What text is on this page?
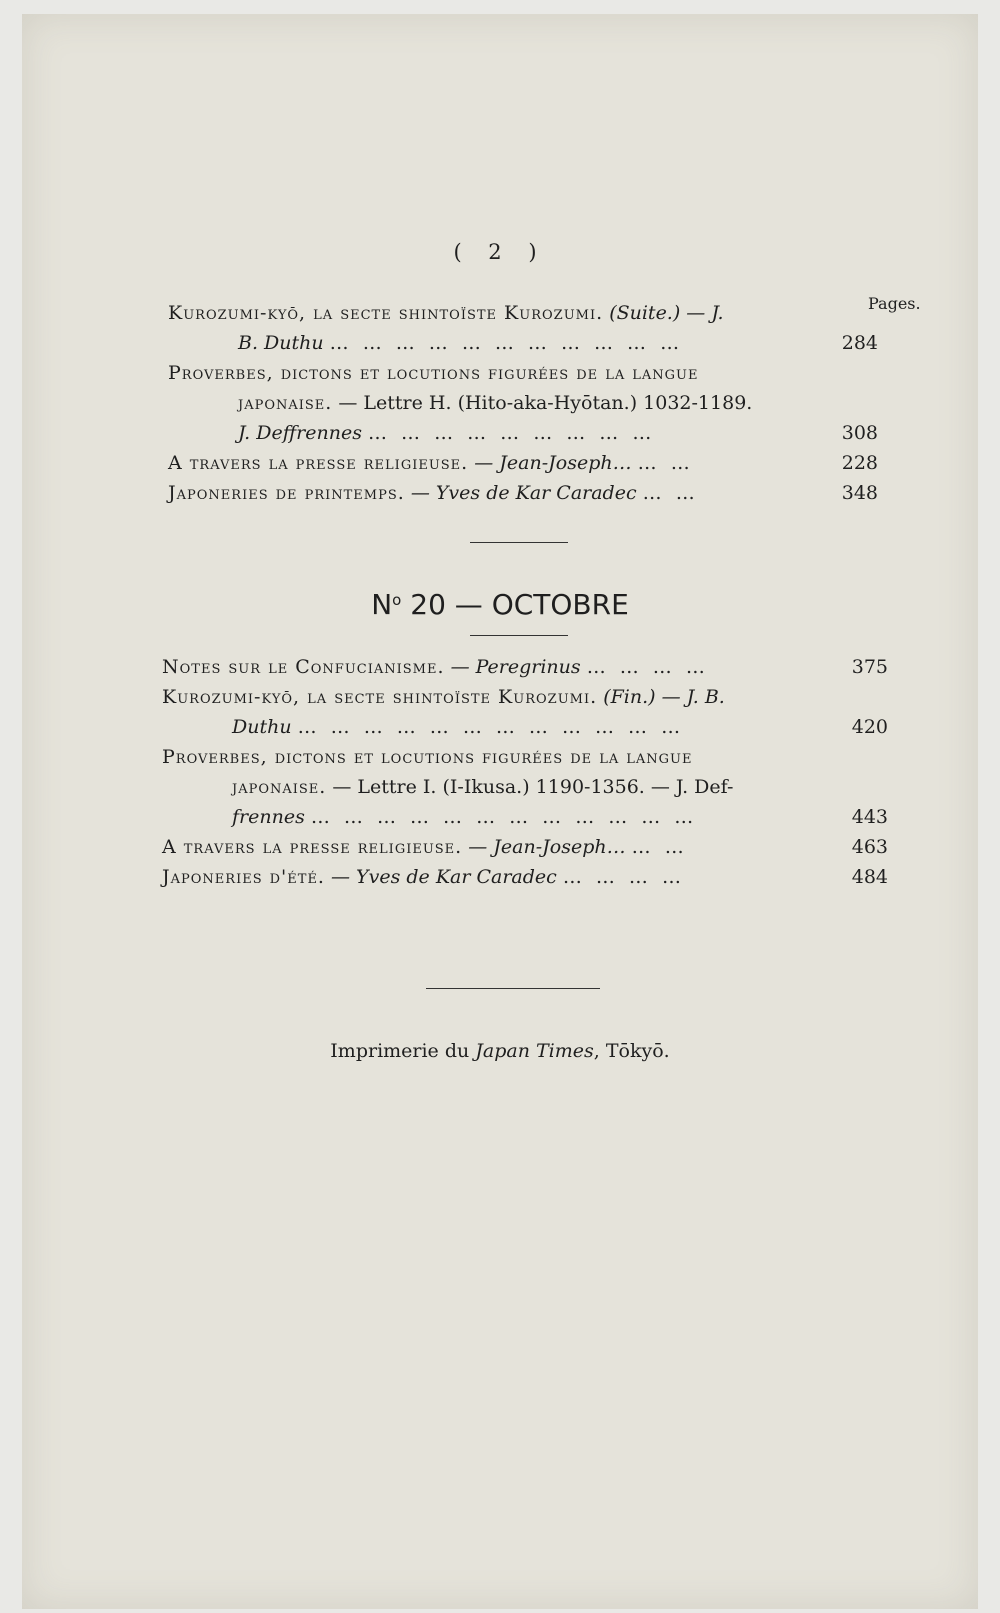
( 2 )
Pages.
Kurozumi-kyō, la secte shintoïste Kurozumi. (Suite.) — J.
B. Duthu … … … … … … … … … … …	284
Proverbes, dictons et locutions figurées de la langue
japonaise. — Lettre H. (Hito-aka-Hyōtan.) 1032-1189.
J. Deffrennes … … … … … … … … …	308
A travers la presse religieuse. — Jean-Joseph… … …	228
Japoneries de printemps. — Yves de Kar Caradec … …	348
$N^o$ 20 — OCTOBRE
Notes sur le Confucianisme. — Peregrinus … … … …	375
Kurozumi-kyō, la secte shintoïste Kurozumi. (Fin.) — J. B.
Duthu … … … … … … … … … … … …	420
Proverbes, dictons et locutions figurées de la langue
japonaise. — Lettre I. (I-Ikusa.) 1190-1356. — J. Def-
frennes … … … … … … … … … … … …	443
A travers la presse religieuse. — Jean-Joseph… … …	463
Japoneries d'été. — Yves de Kar Caradec … … … …	484
Imprimerie du Japan Times, Tōkyō.
